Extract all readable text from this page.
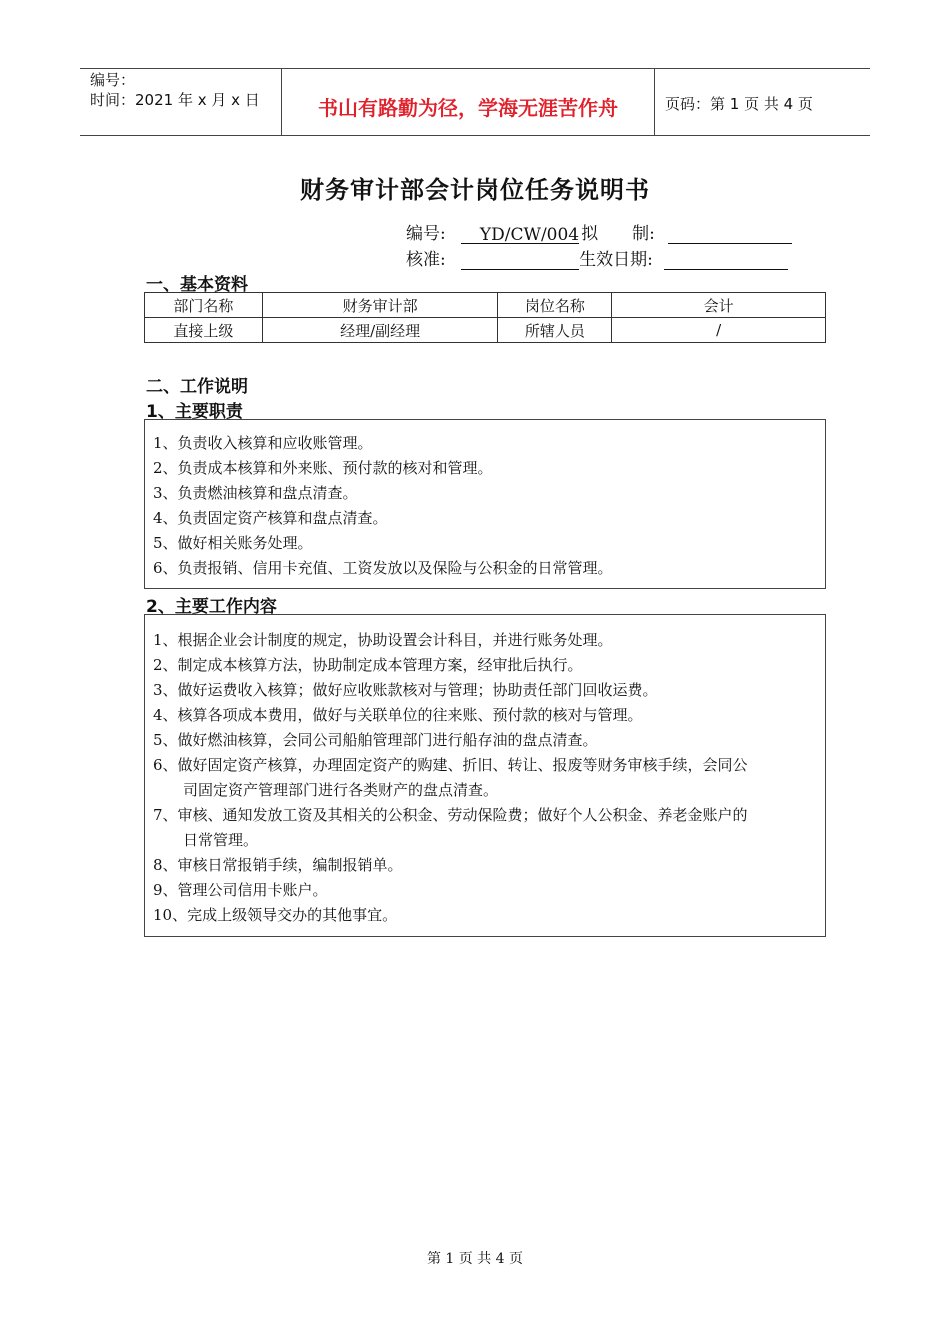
编号：
时间：2021 年 x 月 x 日	书山有路勤为径，学海无涯苦作舟	页码：第 1 页 共 4 页
财务审计部会计岗位任务说明书
编号: YD/CW/004 拟　　制:
核准:	生效日期:
一、基本资料
部门名称	财务审计部	岗位名称	会计
直接上级	经理/副经理	所辖人员	/
二、工作说明
1、主要职责
1、负责收入核算和应收账管理。
2、负责成本核算和外来账、预付款的核对和管理。
3、负责燃油核算和盘点清查。
4、负责固定资产核算和盘点清查。
5、做好相关账务处理。
6、负责报销、信用卡充值、工资发放以及保险与公积金的日常管理。
2、主要工作内容
1、根据企业会计制度的规定，协助设置会计科目，并进行账务处理。
2、制定成本核算方法，协助制定成本管理方案，经审批后执行。
3、做好运费收入核算；做好应收账款核对与管理；协助责任部门回收运费。
4、核算各项成本费用，做好与关联单位的往来账、预付款的核对与管理。
5、做好燃油核算，会同公司船舶管理部门进行船存油的盘点清查。
6、做好固定资产核算，办理固定资产的购建、折旧、转让、报废等财务审核手续，会同公
司固定资产管理部门进行各类财产的盘点清查。
7、审核、通知发放工资及其相关的公积金、劳动保险费；做好个人公积金、养老金账户的
日常管理。
8、审核日常报销手续，编制报销单。
9、管理公司信用卡账户。
10、完成上级领导交办的其他事宜。
第 1 页 共 4 页
